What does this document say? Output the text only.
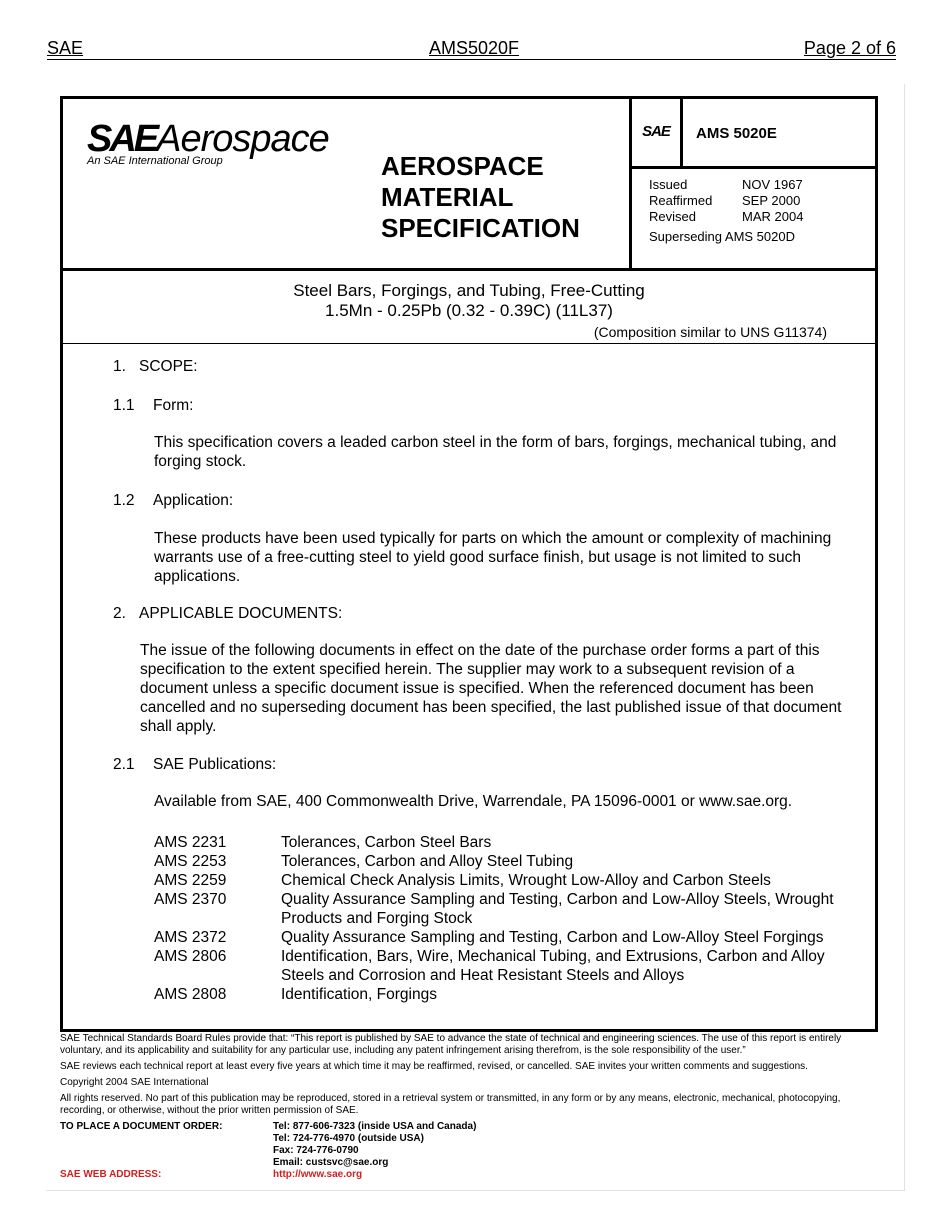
SAE	AMS5020F	Page 2 of 6
SAEAerospace
An SAE International Group	AEROSPACE
MATERIAL
SPECIFICATION
SAE	AMS 5020E
Issued	NOV 1967
Reaffirmed	SEP 2000
Revised	MAR 2004
Superseding AMS 5020D
Steel Bars, Forgings, and Tubing, Free-Cutting
1.5Mn - 0.25Pb (0.32 - 0.39C) (11L37)
(Composition similar to UNS G11374)
1. SCOPE:
1.1 Form:

This specification covers a leaded carbon steel in the form of bars, forgings, mechanical tubing, and forging stock.

1.2 Application:

These products have been used typically for parts on which the amount or complexity of machining warrants use of a free-cutting steel to yield good surface finish, but usage is not limited to such applications.

2. APPLICABLE DOCUMENTS:

The issue of the following documents in effect on the date of the purchase order forms a part of this specification to the extent specified herein. The supplier may work to a subsequent revision of a document unless a specific document issue is specified. When the referenced document has been cancelled and no superseding document has been specified, the last published issue of that document shall apply.

2.1 SAE Publications:

Available from SAE, 400 Commonwealth Drive, Warrendale, PA 15096-0001 or www.sae.org.

AMS 2231	Tolerances, Carbon Steel Bars
AMS 2253	Tolerances, Carbon and Alloy Steel Tubing
AMS 2259	Chemical Check Analysis Limits, Wrought Low-Alloy and Carbon Steels
AMS 2370	Quality Assurance Sampling and Testing, Carbon and Low-Alloy Steels, Wrought Products and Forging Stock
AMS 2372	Quality Assurance Sampling and Testing, Carbon and Low-Alloy Steel Forgings
AMS 2806	Identification, Bars, Wire, Mechanical Tubing, and Extrusions, Carbon and Alloy Steels and Corrosion and Heat Resistant Steels and Alloys
AMS 2808	Identification, Forgings

SAE Technical Standards Board Rules provide that: “This report is published by SAE to advance the state of technical and engineering sciences. The use of this report is entirely voluntary, and its applicability and suitability for any particular use, including any patent infringement arising therefrom, is the sole responsibility of the user.”

SAE reviews each technical report at least every five years at which time it may be reaffirmed, revised, or cancelled. SAE invites your written comments and suggestions.

Copyright 2004 SAE International

All rights reserved. No part of this publication may be reproduced, stored in a retrieval system or transmitted, in any form or by any means, electronic, mechanical, photocopying, recording, or otherwise, without the prior written permission of SAE.

TO PLACE A DOCUMENT ORDER:	Tel: 877-606-7323 (inside USA and Canada)
Tel: 724-776-4970 (outside USA)
Fax: 724-776-0790
Email: custsvc@sae.org
SAE WEB ADDRESS:	http://www.sae.org
